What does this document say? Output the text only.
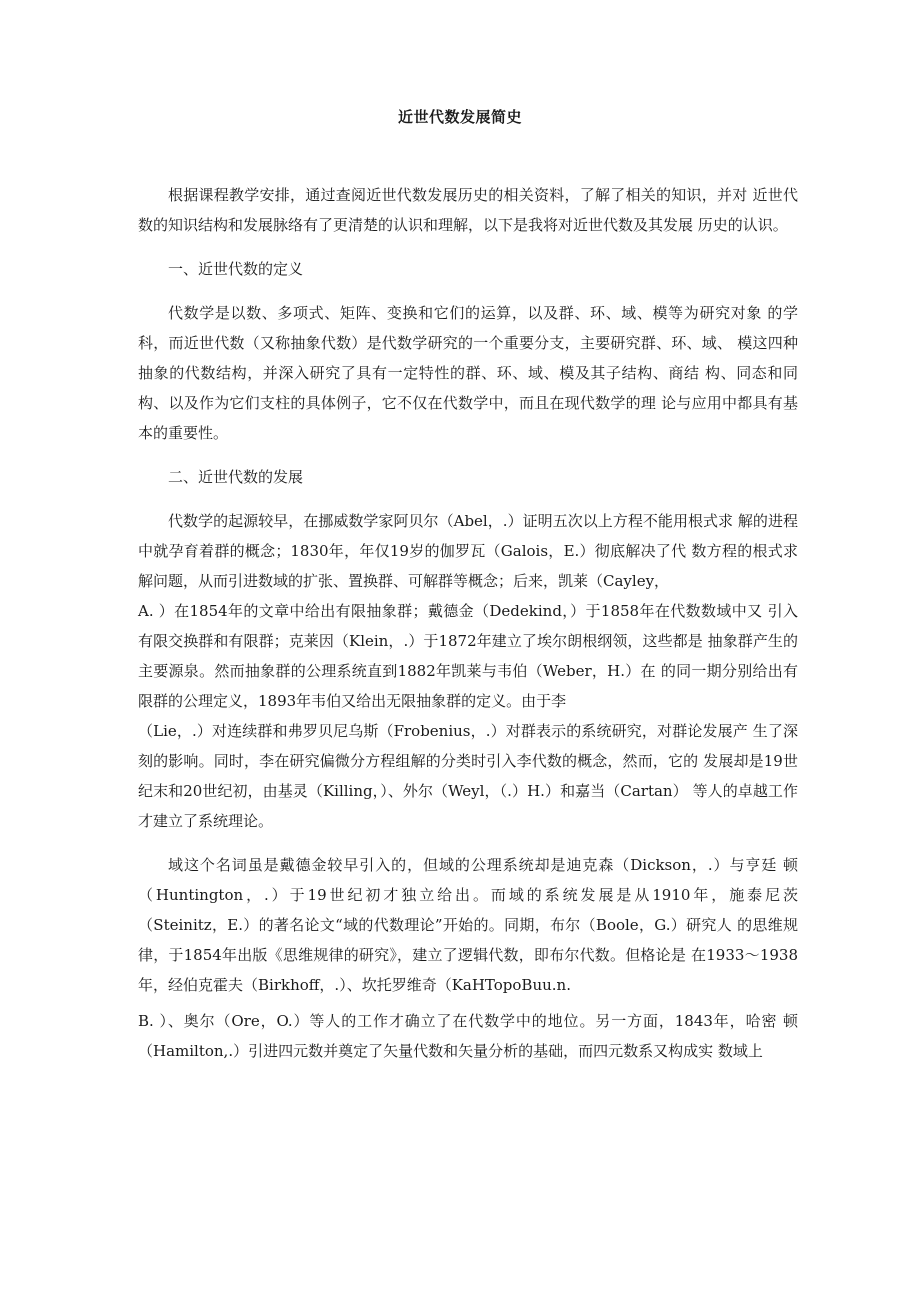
近世代数发展简史

根据课程教学安排，通过查阅近世代数发展历史的相关资料，了解了相关的知识，并对 近世代数的知识结构和发展脉络有了更清楚的认识和理解，以下是我将对近世代数及其发展 历史的认识。

一、近世代数的定义

代数学是以数、多项式、矩阵、变换和它们的运算，以及群、环、域、模等为研究对象 的学科，而近世代数（又称抽象代数）是代数学研究的一个重要分支，主要研究群、环、域、 模这四种抽象的代数结构，并深入研究了具有一定特性的群、环、域、模及其子结构、商结 构、同态和同构、以及作为它们支柱的具体例子，它不仅在代数学中，而且在现代数学的理 论与应用中都具有基本的重要性。

二、近世代数的发展

代数学的起源较早，在挪威数学家阿贝尔（Abel，.）证明五次以上方程不能用根式求 解的进程中就孕育着群的概念；1830年，年仅19岁的伽罗瓦（Galois，E.）彻底解决了代 数方程的根式求解问题，从而引进数域的扩张、置换群、可解群等概念；后来，凯莱（Cayley，

A. ）在1854年的文章中给出有限抽象群；戴德金（Dedekind，）于1858年在代数数域中又 引入有限交换群和有限群；克莱因（Klein，.）于1872年建立了埃尔朗根纲领，这些都是 抽象群产生的主要源泉。然而抽象群的公理系统直到1882年凯莱与韦伯（Weber，H.）在 的同一期分别给出有限群的公理定义，1893年韦伯又给出无限抽象群的定义。由于李

（Lie，.）对连续群和弗罗贝尼乌斯（Frobenius，.）对群表示的系统研究，对群论发展产 生了深刻的影响。同时，李在研究偏微分方程组解的分类时引入李代数的概念，然而，它的 发展却是19世纪末和20世纪初，由基灵（Killing，）、外尔（Weyl，（.）H.）和嘉当（Cartan） 等人的卓越工作才建立了系统理论。

域这个名词虽是戴德金较早引入的，但域的公理系统却是迪克森（Dickson，.）与亨廷 顿（Huntington，.）于19世纪初才独立给出。而域的系统发展是从1910年，施泰尼茨 （Steinitz，E.）的著名论文“域的代数理论”开始的。同期，布尔（Boole，G.）研究人 的思维规律，于1854年出版《思维规律的研究》，建立了逻辑代数，即布尔代数。但格论是 在1933〜1938年，经伯克霍夫（Birkhoff，.）、坎托罗维奇（KaHTopoBuu.n.

B. ）、奥尔（Ore，O.）等人的工作才确立了在代数学中的地位。另一方面，1843年，哈密 顿（Hamilton,.）引进四元数并奠定了矢量代数和矢量分析的基础，而四元数系又构成实 数域上
